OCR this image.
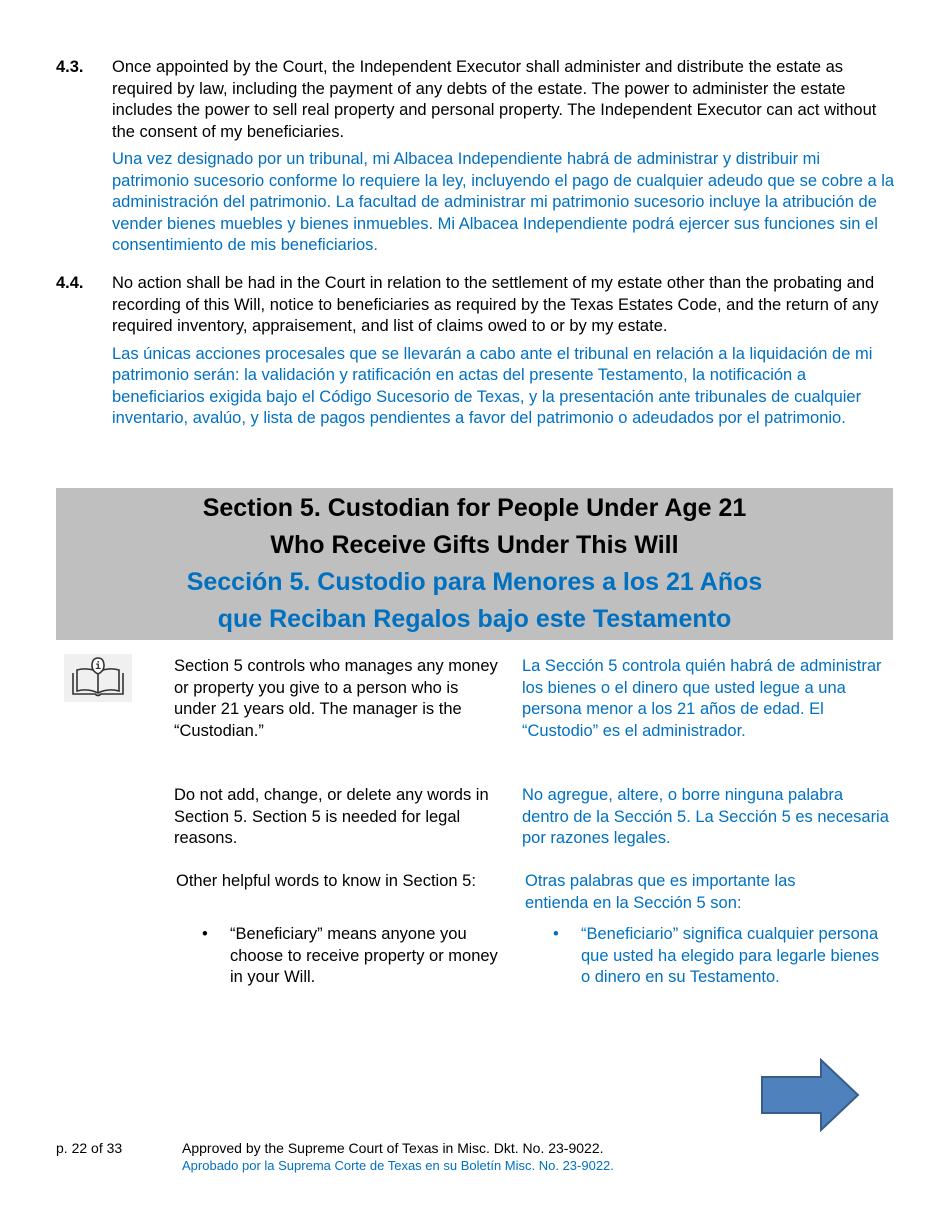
4.3. Once appointed by the Court, the Independent Executor shall administer and distribute the estate as required by law, including the payment of any debts of the estate. The power to administer the estate includes the power to sell real property and personal property. The Independent Executor can act without the consent of my beneficiaries.
Una vez designado por un tribunal, mi Albacea Independiente habrá de administrar y distribuir mi patrimonio sucesorio conforme lo requiere la ley, incluyendo el pago de cualquier adeudo que se cobre a la administración del patrimonio. La facultad de administrar mi patrimonio sucesorio incluye la atribución de vender bienes muebles y bienes inmuebles. Mi Albacea Independiente podrá ejercer sus funciones sin el consentimiento de mis beneficiarios.
4.4. No action shall be had in the Court in relation to the settlement of my estate other than the probating and recording of this Will, notice to beneficiaries as required by the Texas Estates Code, and the return of any required inventory, appraisement, and list of claims owed to or by my estate.
Las únicas acciones procesales que se llevarán a cabo ante el tribunal en relación a la liquidación de mi patrimonio serán: la validación y ratificación en actas del presente Testamento, la notificación a beneficiarios exigida bajo el Código Sucesorio de Texas, y la presentación ante tribunales de cualquier inventario, avalúo, y lista de pagos pendientes a favor del patrimonio o adeudados por el patrimonio.
Section 5. Custodian for People Under Age 21
Who Receive Gifts Under This Will
Sección 5. Custodio para Menores a los 21 Años
que Reciban Regalos bajo este Testamento
i	Section 5 controls who manages any money or property you give to a person who is under 21 years old. The manager is the “Custodian.”
La Sección 5 controla quién habrá de administrar los bienes o el dinero que usted legue a una persona menor a los 21 años de edad. El “Custodio” es el administrador.
Do not add, change, or delete any words in Section 5. Section 5 is needed for legal reasons.
No agregue, altere, o borre ninguna palabra dentro de la Sección 5. La Sección 5 es necesaria por razones legales.
Other helpful words to know in Section 5:	Otras palabras que es importante las entienda en la Sección 5 son:
• “Beneficiary” means anyone you choose to receive property or money in your Will.
• “Beneficiario” significa cualquier persona que usted ha elegido para legarle bienes o dinero en su Testamento.
p. 22 of 33	Approved by the Supreme Court of Texas in Misc. Dkt. No. 23-9022.
Aprobado por la Suprema Corte de Texas en su Boletín Misc. No. 23-9022.
